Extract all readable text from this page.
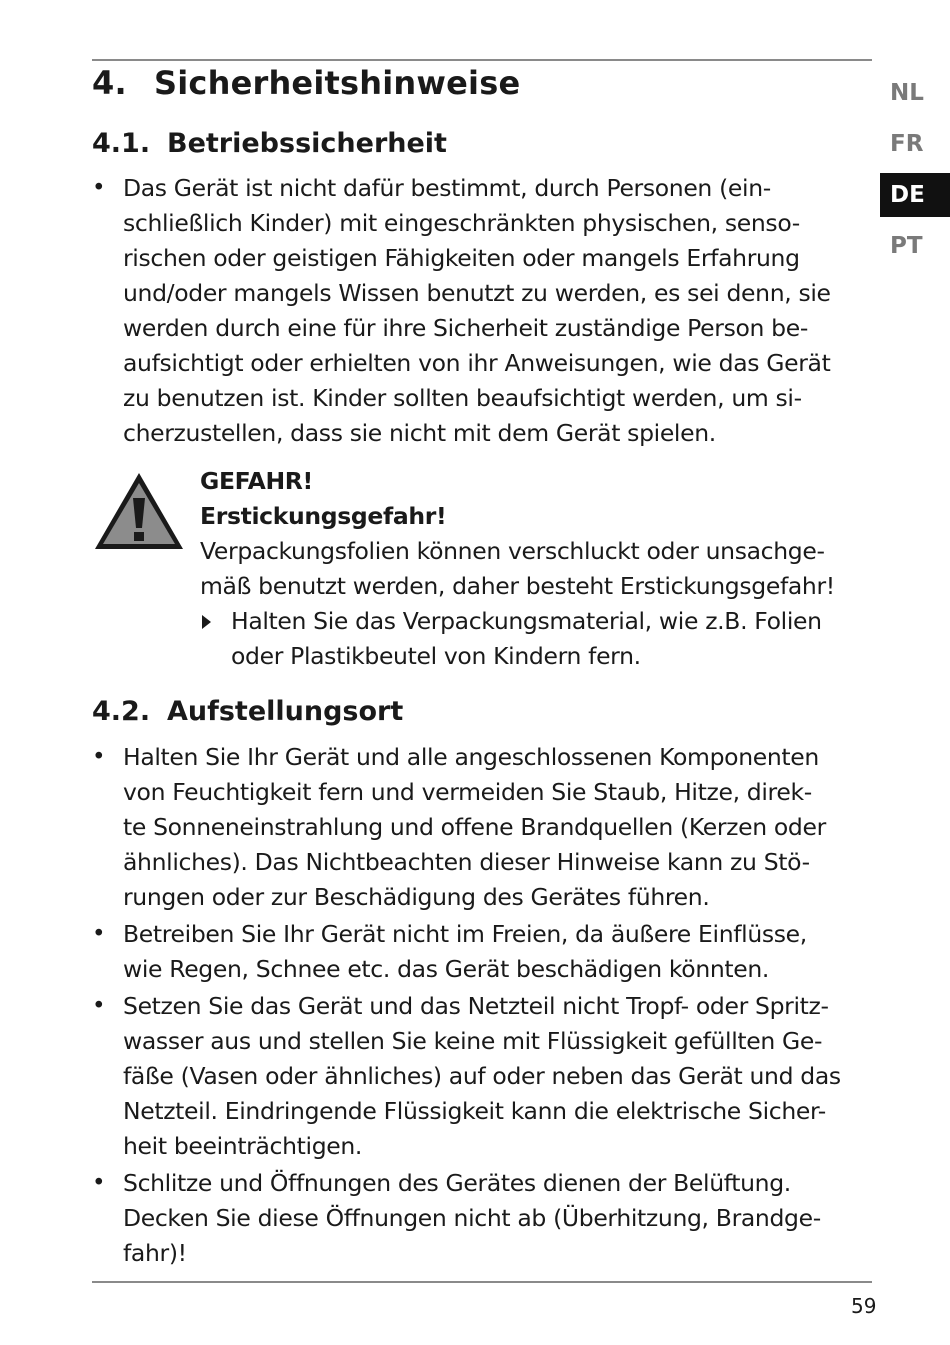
4. Sicherheitshinweise
4.1. Betriebssicherheit
• Das Gerät ist nicht dafür bestimmt, durch Personen (ein-
schließlich Kinder) mit eingeschränkten physischen, senso-
rischen oder geistigen Fähigkeiten oder mangels Erfahrung
und/oder mangels Wissen benutzt zu werden, es sei denn, sie
werden durch eine für ihre Sicherheit zuständige Person be-
aufsichtigt oder erhielten von ihr Anweisungen, wie das Gerät
zu benutzen ist. Kinder sollten beaufsichtigt werden, um si-
cherzustellen, dass sie nicht mit dem Gerät spielen.
GEFAHR!
Erstickungsgefahr!
Verpackungsfolien können verschluckt oder unsachge-
mäß benutzt werden, daher besteht Erstickungsgefahr!
Halten Sie das Verpackungsmaterial, wie z.B. Folien
oder Plastikbeutel von Kindern fern.
4.2. Aufstellungsort
• Halten Sie Ihr Gerät und alle angeschlossenen Komponenten
von Feuchtigkeit fern und vermeiden Sie Staub, Hitze, direk-
te Sonneneinstrahlung und offene Brandquellen (Kerzen oder
ähnliches). Das Nichtbeachten dieser Hinweise kann zu Stö-
rungen oder zur Beschädigung des Gerätes führen.
• Betreiben Sie Ihr Gerät nicht im Freien, da äußere Einflüsse,
wie Regen, Schnee etc. das Gerät beschädigen könnten.
• Setzen Sie das Gerät und das Netzteil nicht Tropf- oder Spritz-
wasser aus und stellen Sie keine mit Flüssigkeit gefüllten Ge-
fäße (Vasen oder ähnliches) auf oder neben das Gerät und das
Netzteil. Eindringende Flüssigkeit kann die elektrische Sicher-
heit beeinträchtigen.
• Schlitze und Öffnungen des Gerätes dienen der Belüftung.
Decken Sie diese Öffnungen nicht ab (Überhitzung, Brandge-
fahr)!
NL
FR
DE
PT
59
